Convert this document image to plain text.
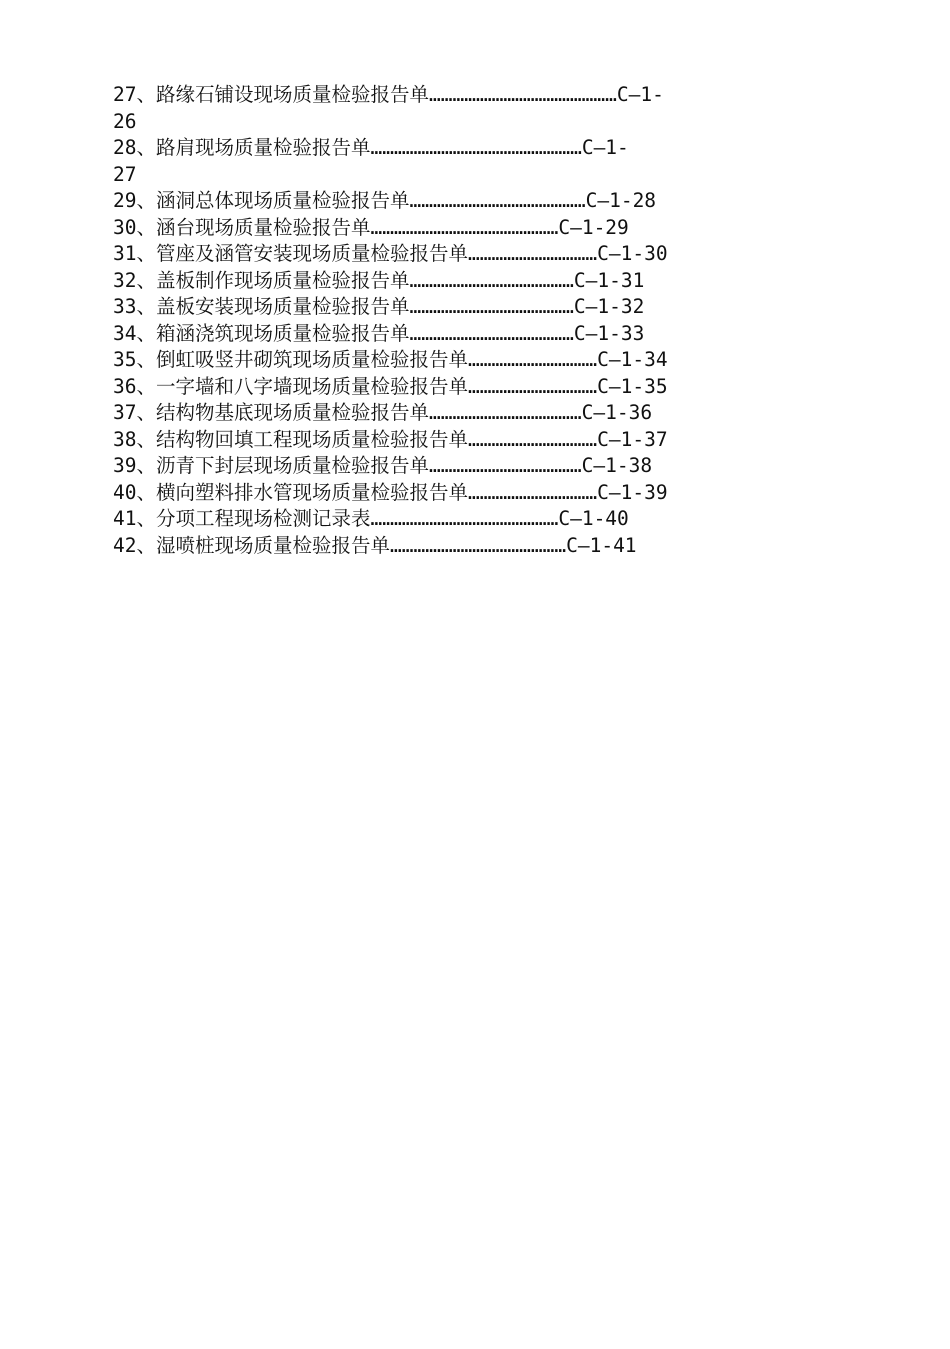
27、路缘石铺设现场质量检验报告单…………………………………………C—1-
26
28、路肩现场质量检验报告单………………………………………………C—1-
27
29、涵洞总体现场质量检验报告单………………………………………C—1-28
30、涵台现场质量检验报告单…………………………………………C—1-29
31、管座及涵管安装现场质量检验报告单……………………………C—1-30
32、盖板制作现场质量检验报告单……………………………………C—1-31
33、盖板安装现场质量检验报告单……………………………………C—1-32
34、箱涵浇筑现场质量检验报告单……………………………………C—1-33
35、倒虹吸竖井砌筑现场质量检验报告单……………………………C—1-34
36、一字墙和八字墙现场质量检验报告单……………………………C—1-35
37、结构物基底现场质量检验报告单…………………………………C—1-36
38、结构物回填工程现场质量检验报告单……………………………C—1-37
39、沥青下封层现场质量检验报告单…………………………………C—1-38
40、横向塑料排水管现场质量检验报告单……………………………C—1-39
41、分项工程现场检测记录表…………………………………………C—1-40
42、湿喷桩现场质量检验报告单………………………………………C—1-41
